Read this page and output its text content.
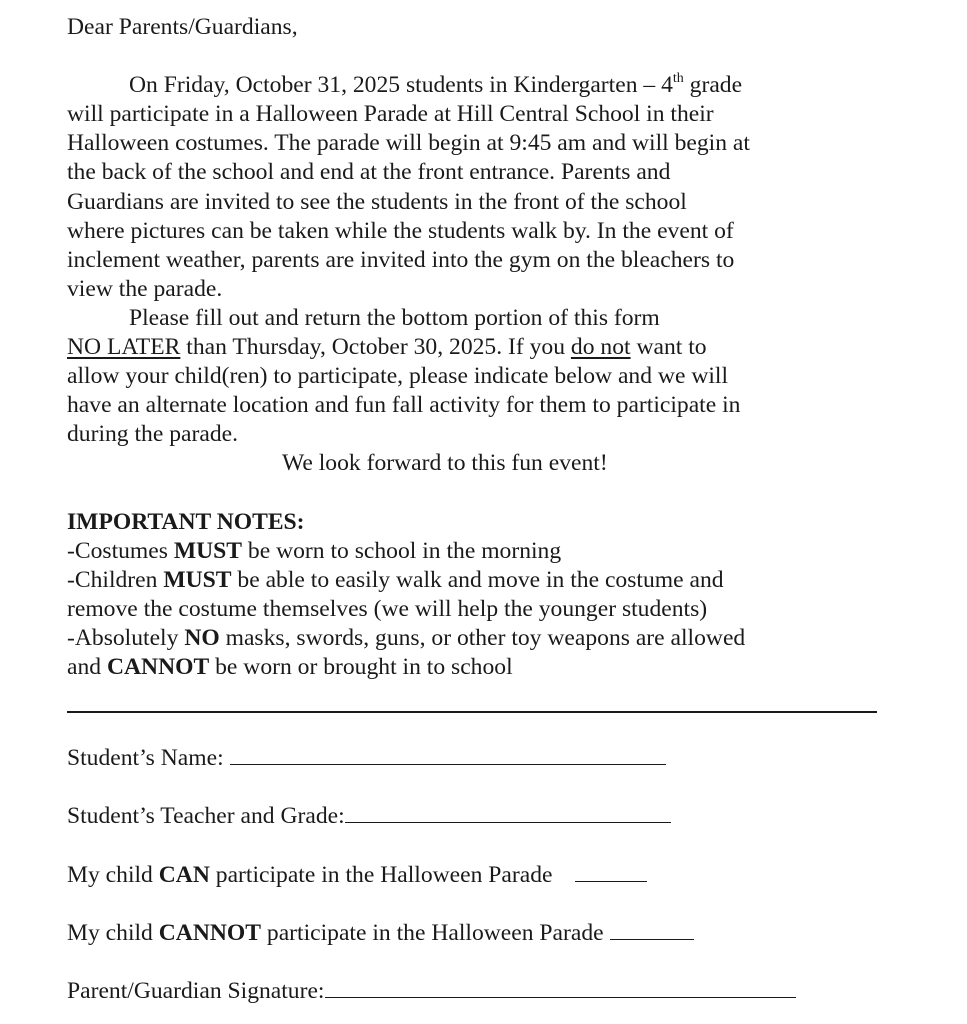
Dear Parents/Guardians,

On Friday, October 31, 2025 students in Kindergarten – 4th grade

will participate in a Halloween Parade at Hill Central School in their

Halloween costumes. The parade will begin at 9:45 am and will begin at

the back of the school and end at the front entrance. Parents and

Guardians are invited to see the students in the front of the school

where pictures can be taken while the students walk by. In the event of

inclement weather, parents are invited into the gym on the bleachers to

view the parade.

Please fill out and return the bottom portion of this form

NO LATER than Thursday, October 30, 2025. If you do not want to

allow your child(ren) to participate, please indicate below and we will

have an alternate location and fun fall activity for them to participate in

during the parade.

We look forward to this fun event!

IMPORTANT NOTES:

-Costumes MUST be worn to school in the morning

-Children MUST be able to easily walk and move in the costume and

remove the costume themselves (we will help the younger students)

-Absolutely NO masks, swords, guns, or other toy weapons are allowed

and CANNOT be worn or brought in to school

Student’s Name:
Student’s Teacher and Grade:
My child CAN participate in the Halloween Parade
My child CANNOT participate in the Halloween Parade
Parent/Guardian Signature:
